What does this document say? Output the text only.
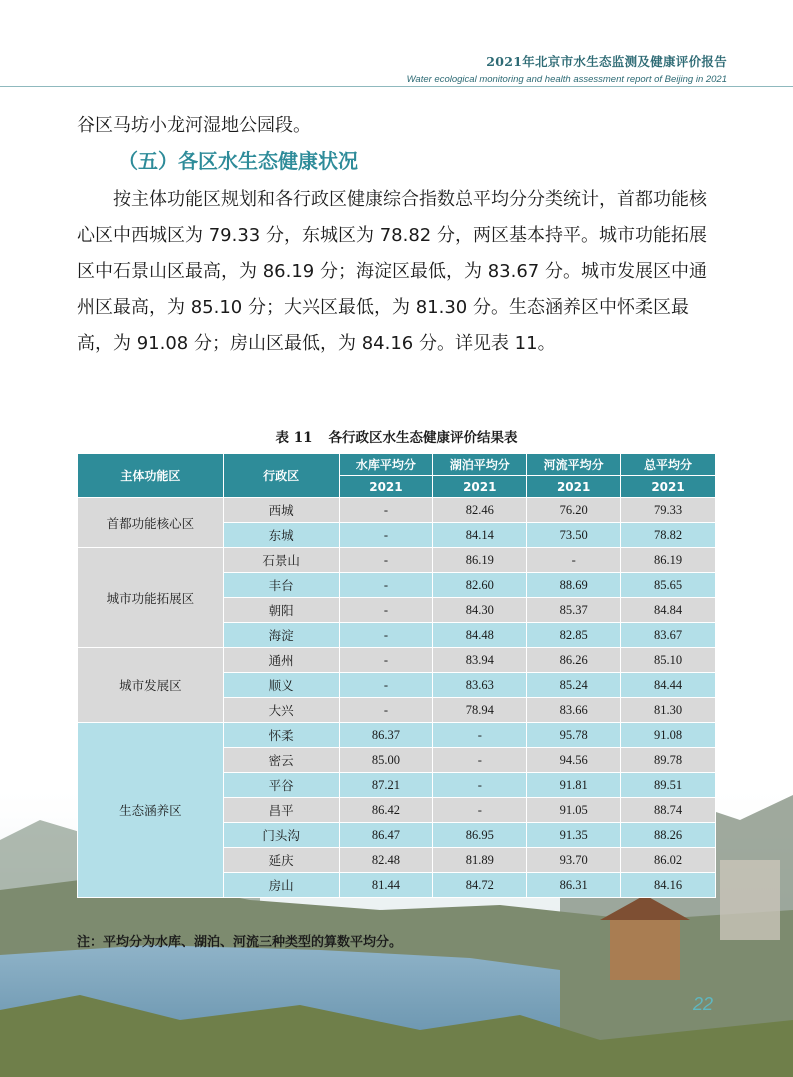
2021年北京市水生态监测及健康评价报告
Water ecological monitoring and health assessment report of Beijing in 2021
谷区马坊小龙河湿地公园段。
（五）各区水生态健康状况
按主体功能区规划和各行政区健康综合指数总平均分分类统计，首都功能核心区中西城区为 79.33 分，东城区为 78.82 分，两区基本持平。城市功能拓展区中石景山区最高，为 86.19 分；海淀区最低，为 83.67 分。城市发展区中通州区最高，为 85.10 分；大兴区最低，为 81.30 分。生态涵养区中怀柔区最高，为 91.08 分；房山区最低，为 84.16 分。详见表 11。
表 11 各行政区水生态健康评价结果表
主体功能区	行政区	水库平均分	湖泊平均分	河流平均分	总平均分
		2021	2021	2021	2021
首都功能核心区	西城	-	82.46	76.20	79.33
	东城	-	84.14	73.50	78.82
城市功能拓展区	石景山	-	86.19	-	86.19
	丰台	-	82.60	88.69	85.65
	朝阳	-	84.30	85.37	84.84
	海淀	-	84.48	82.85	83.67
城市发展区	通州	-	83.94	86.26	85.10
	顺义	-	83.63	85.24	84.44
	大兴	-	78.94	83.66	81.30
生态涵养区	怀柔	86.37	-	95.78	91.08
	密云	85.00	-	94.56	89.78
	平谷	87.21	-	91.81	89.51
	昌平	86.42	-	91.05	88.74
	门头沟	86.47	86.95	91.35	88.26
	延庆	82.48	81.89	93.70	86.02
	房山	81.44	84.72	86.31	84.16
注：平均分为水库、湖泊、河流三种类型的算数平均分。
22
